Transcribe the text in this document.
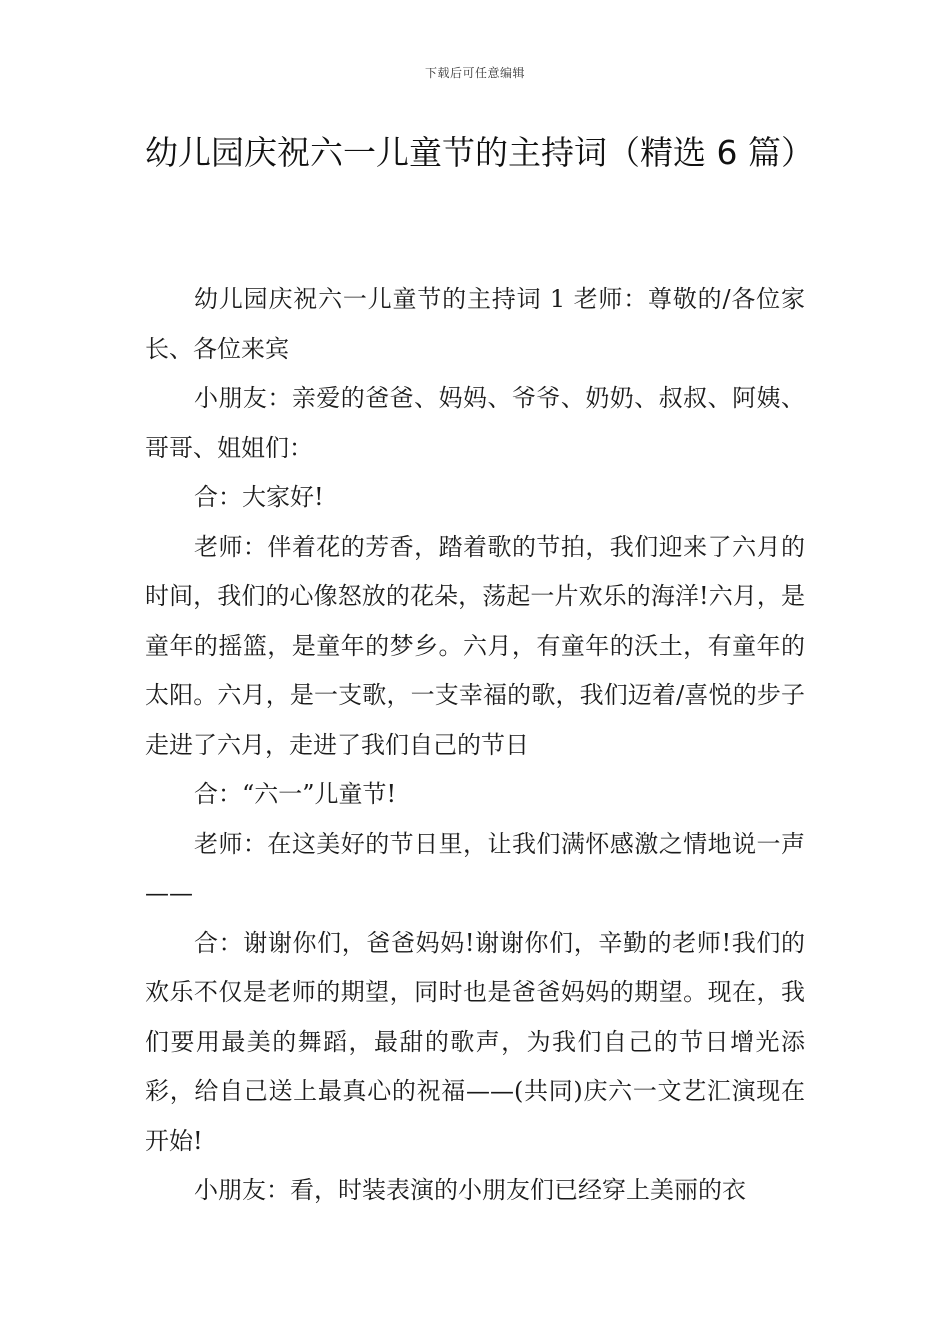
下载后可任意编辑
幼儿园庆祝六一儿童节的主持词（精选 6 篇）

幼儿园庆祝六一儿童节的主持词 1 老师：尊敬的/各位家长、各位来宾

小朋友：亲爱的爸爸、妈妈、爷爷、奶奶、叔叔、阿姨、哥哥、姐姐们：

合：大家好!

老师：伴着花的芳香，踏着歌的节拍，我们迎来了六月的时间，我们的心像怒放的花朵，荡起一片欢乐的海洋!六月，是童年的摇篮，是童年的梦乡。六月，有童年的沃土，有童年的太阳。六月，是一支歌，一支幸福的歌，我们迈着/喜悦的步子走进了六月，走进了我们自己的节日

合：“六一”儿童节!

老师：在这美好的节日里，让我们满怀感激之情地说一声——

合：谢谢你们，爸爸妈妈!谢谢你们，辛勤的老师!我们的欢乐不仅是老师的期望，同时也是爸爸妈妈的期望。现在，我们要用最美的舞蹈，最甜的歌声，为我们自己的节日增光添彩，给自己送上最真心的祝福——(共同)庆六一文艺汇演现在开始!

小朋友：看，时装表演的小朋友们已经穿上美丽的衣
